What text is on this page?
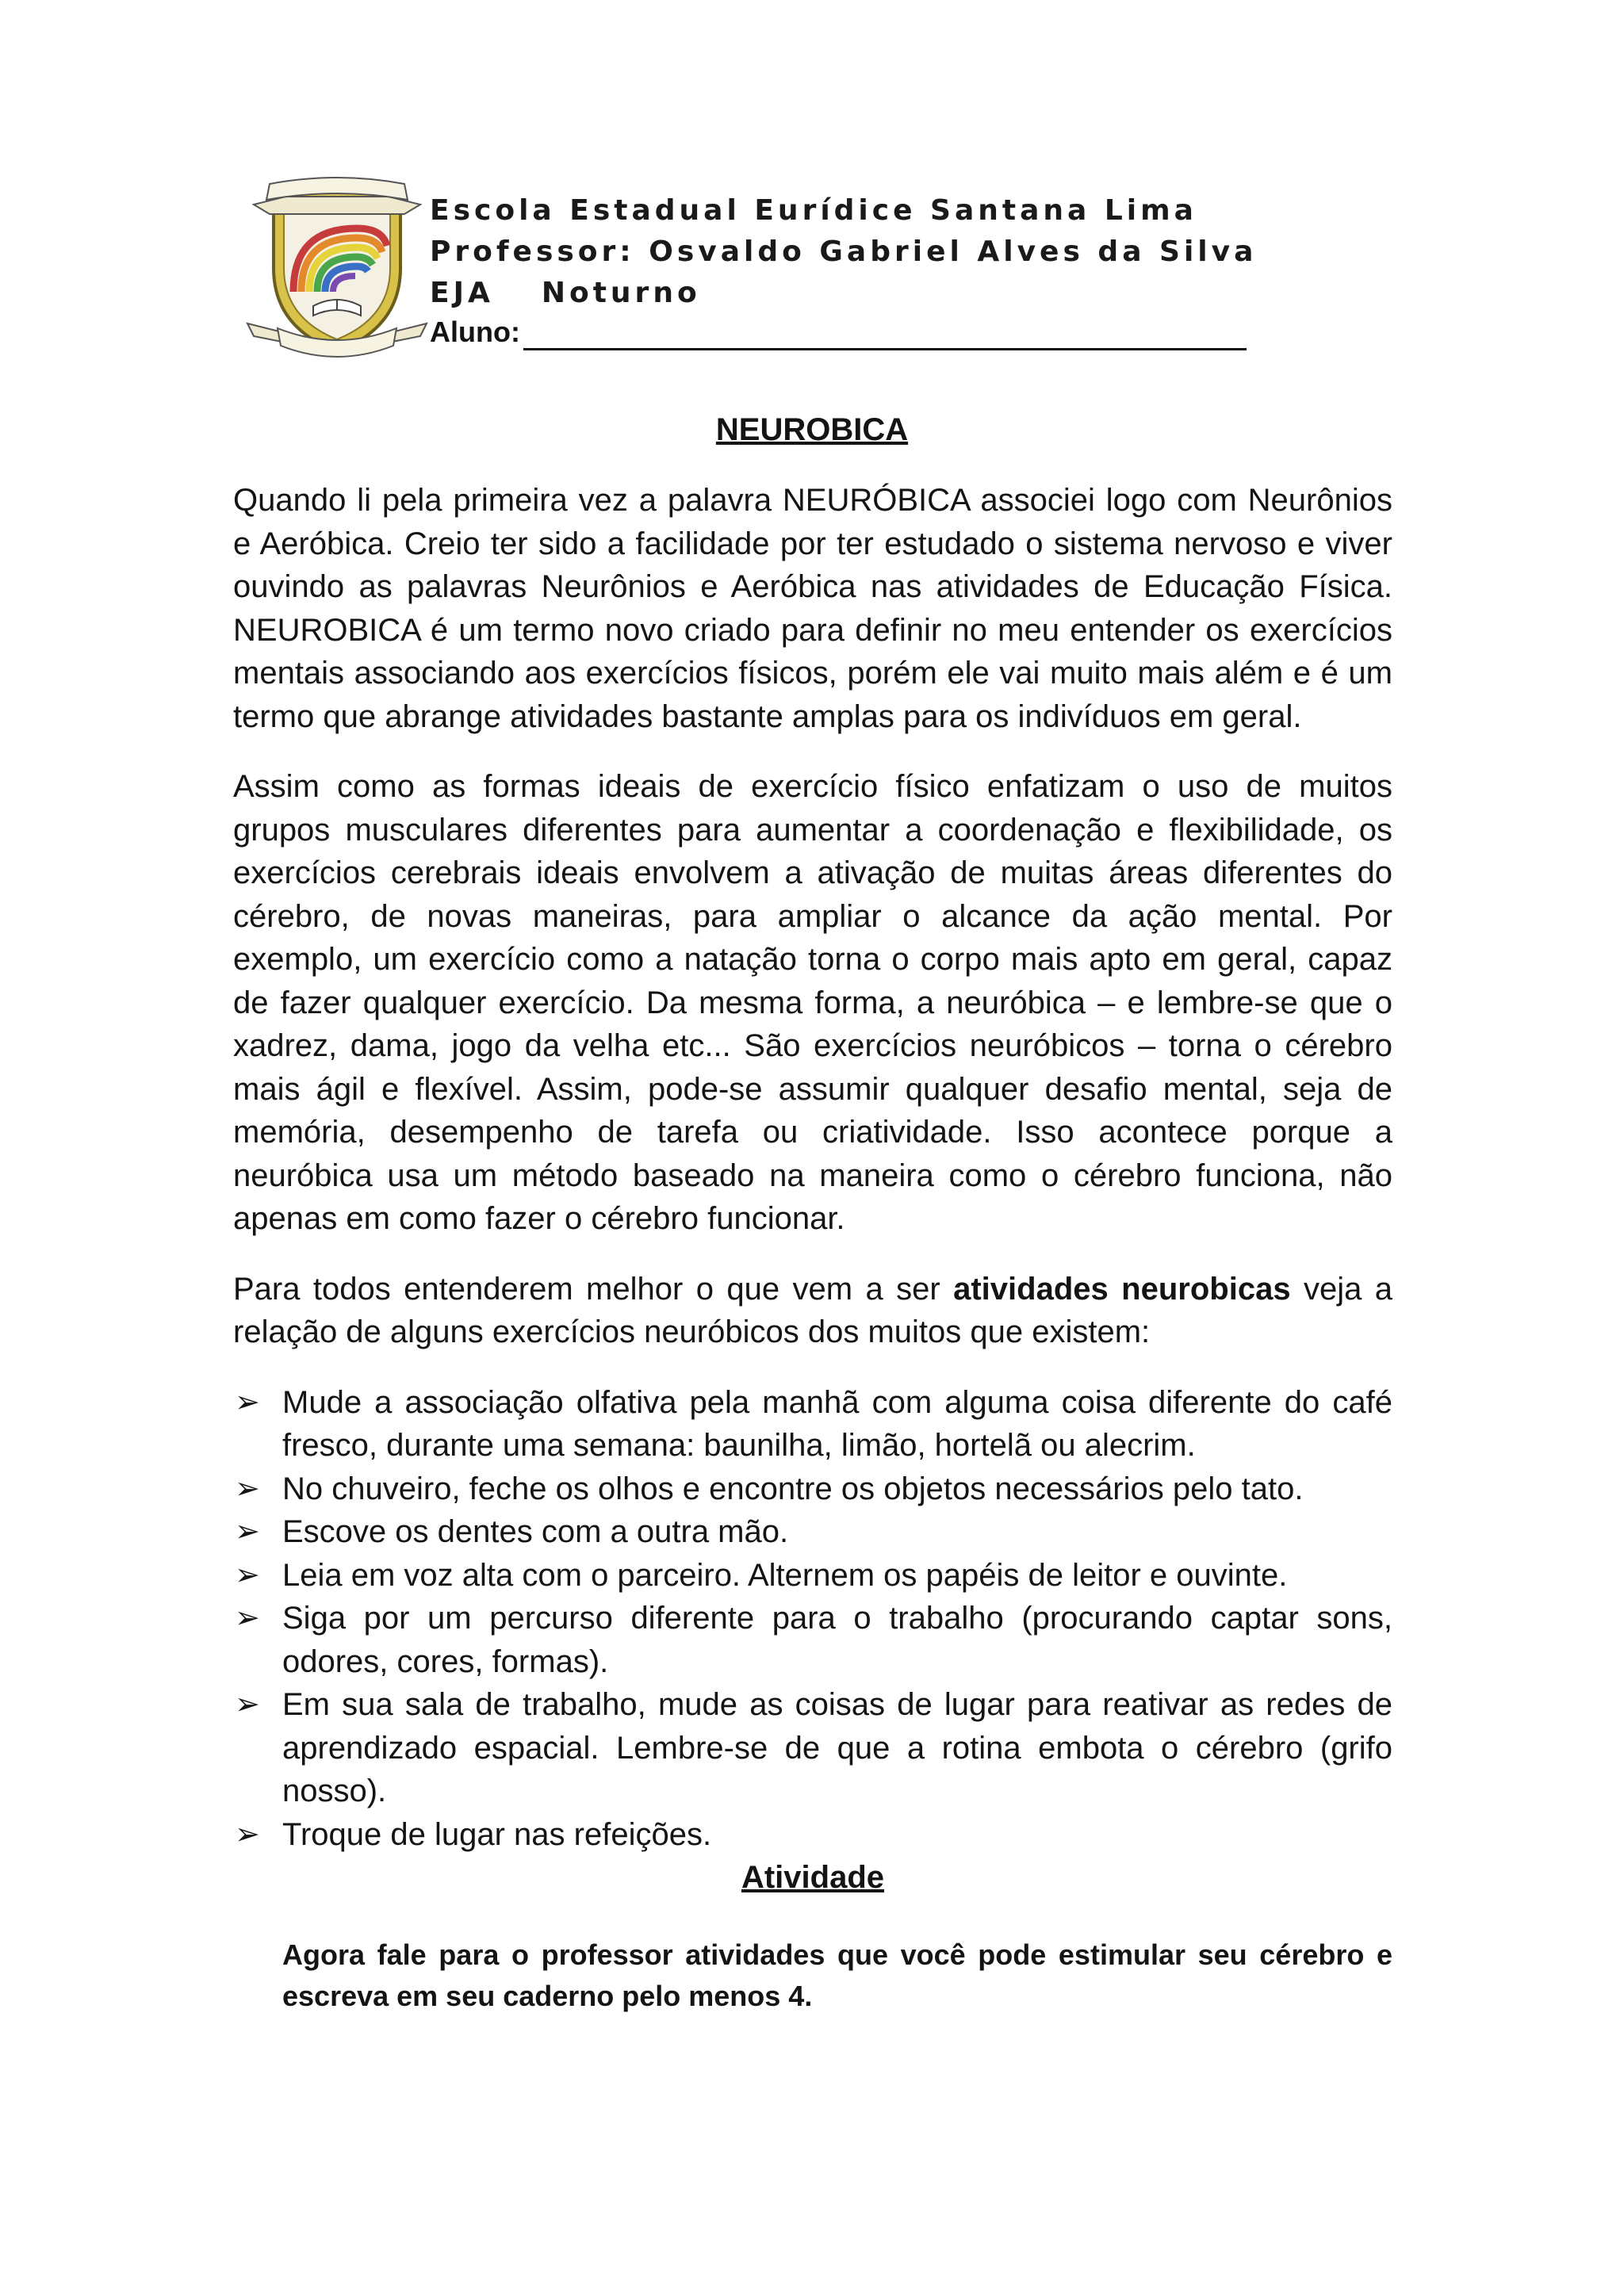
Escola Estadual Eurídice Santana Lima
Professor: Osvaldo Gabriel Alves da Silva
EJA Noturno
Aluno:
NEUROBICA

Quando li pela primeira vez a palavra NEURÓBICA associei logo com Neurônios e Aeróbica. Creio ter sido a facilidade por ter estudado o sistema nervoso e viver ouvindo as palavras Neurônios e Aeróbica nas atividades de Educação Física. NEUROBICA é um termo novo criado para definir no meu entender os exercícios mentais associando aos exercícios físicos, porém ele vai muito mais além e é um termo que abrange atividades bastante amplas para os indivíduos em geral.

Assim como as formas ideais de exercício físico enfatizam o uso de muitos grupos musculares diferentes para aumentar a coordenação e flexibilidade, os exercícios cerebrais ideais envolvem a ativação de muitas áreas diferentes do cérebro, de novas maneiras, para ampliar o alcance da ação mental. Por exemplo, um exercício como a natação torna o corpo mais apto em geral, capaz de fazer qualquer exercício. Da mesma forma, a neuróbica – e lembre-se que o xadrez, dama, jogo da velha etc... São exercícios neuróbicos – torna o cérebro mais ágil e flexível. Assim, pode-se assumir qualquer desafio mental, seja de memória, desempenho de tarefa ou criatividade. Isso acontece porque a neuróbica usa um método baseado na maneira como o cérebro funciona, não apenas em como fazer o cérebro funcionar.

Para todos entenderem melhor o que vem a ser atividades neurobicas veja a relação de alguns exercícios neuróbicos dos muitos que existem:

➢ Mude a associação olfativa pela manhã com alguma coisa diferente do café fresco, durante uma semana: baunilha, limão, hortelã ou alecrim.
➢ No chuveiro, feche os olhos e encontre os objetos necessários pelo tato.
➢ Escove os dentes com a outra mão.
➢ Leia em voz alta com o parceiro. Alternem os papéis de leitor e ouvinte.
➢ Siga por um percurso diferente para o trabalho (procurando captar sons, odores, cores, formas).
➢ Em sua sala de trabalho, mude as coisas de lugar para reativar as redes de aprendizado espacial. Lembre-se de que a rotina embota o cérebro (grifo nosso).
➢ Troque de lugar nas refeições.

Atividade

Agora fale para o professor atividades que você pode estimular seu cérebro e escreva em seu caderno pelo menos 4.
